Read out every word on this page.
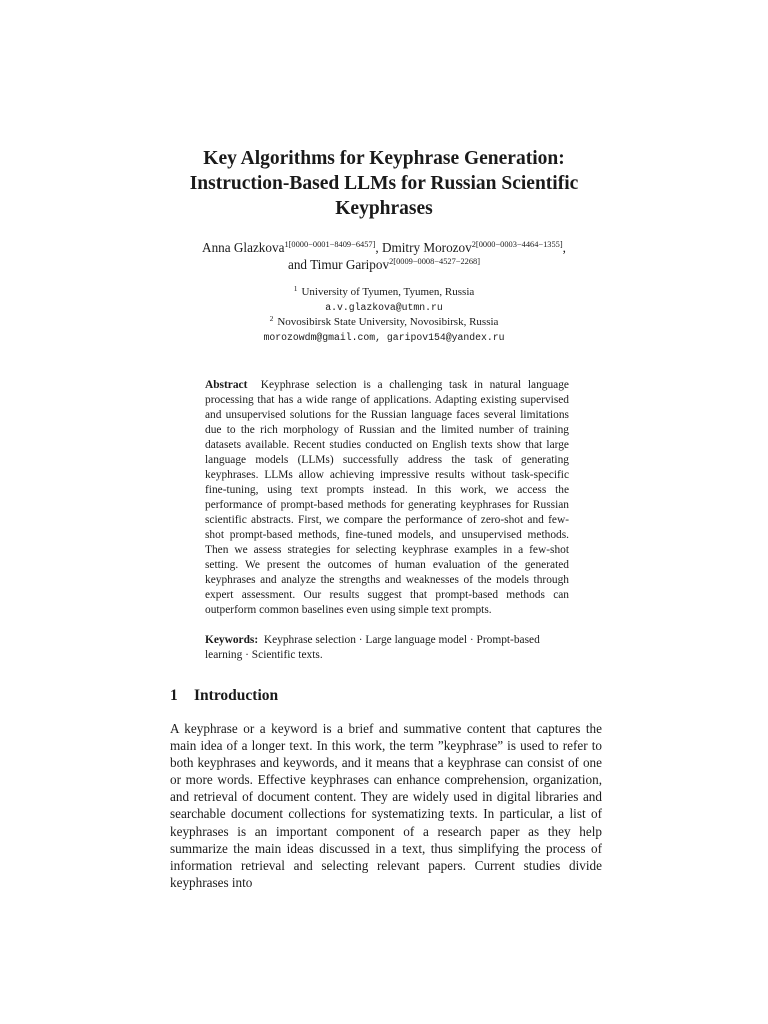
Key Algorithms for Keyphrase Generation:
Instruction-Based LLMs for Russian Scientific
Keyphrases
Anna Glazkova$^{1[0000-0001-8409-6457]}$, Dmitry Morozov$^{2[0000-0003-4464-1355]}$,
and Timur Garipov$^{2[0009-0008-4527-2268]}$
$^1$ University of Tyumen, Tyumen, Russia
a.v.glazkova@utmn.ru
$^2$ Novosibirsk State University, Novosibirsk, Russia
morozowdm@gmail.com, garipov154@yandex.ru
Abstract Keyphrase selection is a challenging task in natural language processing that has a wide range of applications. Adapting existing supervised and unsupervised solutions for the Russian language faces several limitations due to the rich morphology of Russian and the limited number of training datasets available. Recent studies conducted on English texts show that large language models (LLMs) successfully address the task of generating keyphrases. LLMs allow achieving impressive results without task-specific fine-tuning, using text prompts instead. In this work, we access the performance of prompt-based methods for generating keyphrases for Russian scientific abstracts. First, we compare the performance of zero-shot and few-shot prompt-based methods, fine-tuned models, and unsupervised methods. Then we assess strategies for selecting keyphrase examples in a few-shot setting. We present the outcomes of human evaluation of the generated keyphrases and analyze the strengths and weaknesses of the models through expert assessment. Our results suggest that prompt-based methods can outperform common baselines even using simple text prompts.
Keywords: Keyphrase selection · Large language model · Prompt-based learning · Scientific texts.
1 Introduction
A keyphrase or a keyword is a brief and summative content that captures the main idea of a longer text. In this work, the term ”keyphrase” is used to refer to both keyphrases and keywords, and it means that a keyphrase can consist of one or more words. Effective keyphrases can enhance comprehension, organization, and retrieval of document content. They are widely used in digital libraries and searchable document collections for systematizing texts. In particular, a list of keyphrases is an important component of a research paper as they help summarize the main ideas discussed in a text, thus simplifying the process of information retrieval and selecting relevant papers. Current studies divide keyphrases into
